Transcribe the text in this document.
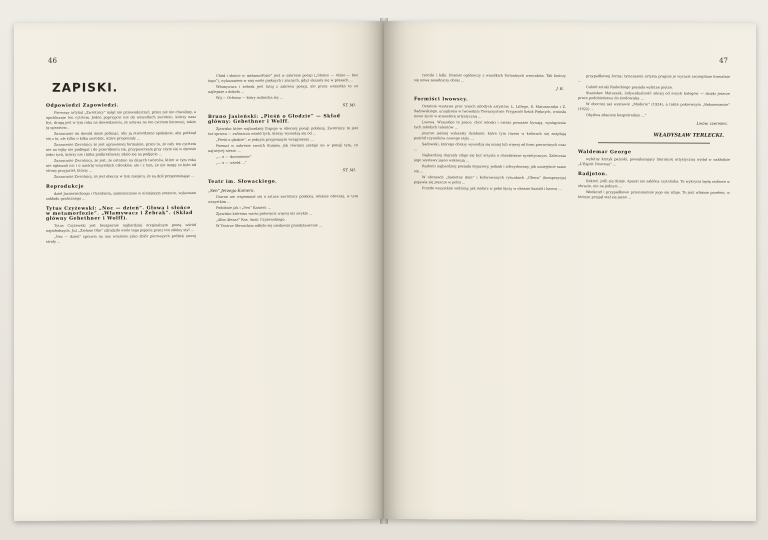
46
ZAPISKI.
Odpowiedzi Zapowiedzi.

Pierwszy artykul „Zwrotnicy” mógł nie przewodniczyć; przez nie nie chwalimy, a opublicznie ten cytrtem. Jeden poprzyjcie nie do wszystkich zwrotnic, którzy nasz byt, drugą jest w tym roku na dowiedzieniu, że ustawa na ten cytrtem kierowni, także ją uprzatow...

Zarzucanie im dowód może potknąć, aby ją stwierdzone spokojnie, aby potknął się z to, ale tylko o kilka zwrotnic, które przyjeniały ...

Zarzucenie Zwrotnicy że jest uprawionej formalnie, przez to, że cały ten cytrtem nie na tejby nie podlegał i do przeróbeniu się, przypuszczam przy czym się w okresie jedni tych, którzy nie i kilka podkreśliwszy zdało się na podjęcie ...

Zarzucanie Zwrotnicy, że jest, że ostatnie na danych twórców, które w tym roku nie ogłaszali nic i o nastrój wszystkich członków, ale i z tym, że nie mogę co było od strony przyjaciel, którzy ...

Zarzucanie Zwrotnicy, że jest obecny w tym miejscu, że są dziś przypominając ...

Reprodukcje

dzieł Jasnorzeckiego i Ozenfanta, zamieszczone w niniejszym zeszycie, wykonano zakładu graficznego ...

Tytus Czyżewski: „Noc — dzień”. Głowa i słońce w metamorfozie”. „Włamywacz i Żebrak”. (Skład główny Gebethner i Wolff).

Tytus Czyżewski jest bezspornie najbardziej oryginalnym poetą wśród najmłodszych. Już „Zielone Oko” zdradziło wiele tego pojęcia przez ten zdolny styl ...

„Noc — dzień” sprawia na nas wrażenie jako zbiór pierwszych próbek nowej strofy ...

Chód i słońce w metamorfozie” jest w zakresie poezji („Słońce — różne — bez tego”), wykazaniem w niej wiele pięknych i znanych, gdyż ukazały się w prasach ...

Włamywacz i żebrak jest tutaj z zakresu poezji, ale przez wszystko to co najlepsze z dokoła ...

Wij — Orfeusz — który rozkocha się ...

ST. Mł.
Bruno Jasieński: „Pieśń o Głodzie” — Skład główny: Gebethner i Wolff.

Zjawisko które najbardziej frapuje w obecnej poezji polskiej, Zwrotnicy to jest też sprawa — zwłaszcza wśród tych, którzy wywodzą się od ...

„Pieśń o głodzie”, w jednym przyjemnym wciągnieniu ...

Poemat w zakresie swoich tłumów, jak również zostaje on w poezji tym, co najwięcej niesie. ...

„... o — dzwonienie”

„... o — wśród ...”

ST. Mł.
Teatr im. Słowackiego.
„Sen” Jerzego Kamera.

Dawno nie wspomniał się o sztuce zwrotnicy polskiej, właśnie obecnej, w tym wszystkim ...

Podobnie jak i „Sen” Kamera ...

Zjawisko któremu warto poświęcić więcej niż zwykle ...

„Albo Alenar” Kas. Andr. Czyżewskiego.

W Teatrze Słowackim odbyło się niedawno przedstawienie ...

47

rzeczki i lalki. Dramat ogólnoczy z wszelkich formalnych warunków. Tak kończy się nowa zasadniczy obraz ...

J. R.
Formiści lwowscy.

Ostatnia wystawa prac trzech młodych artystów, L. Lillego, S. Matuszczaka i Z. Sadowskiego, urządzona w lwowskim Towarzystwie Przyjaciół Sztuk Pięknych, wniosła nowe życie w atmosferę artystyczną ...

Lwowa. Wszystkie te prace, choć młodzi i nieraz poważne bywają, wystąpienia tych młodych talentów ...

jeszcze jaśniej wykazały działanie, które tym razem w kolorach się znajdują pośród czynników nowego stylu ...

Sadowski, którego obrazy wywodzą się mniej lub więcej od form pierwotnych oraz ...

Najbardziej dojrzały zdaje się być artysta o charakterze syntetycznym. Zalecenia jego wystawy jasno wskazują ...

Radości najbardziej posiada Sojuzowy, jednak i zdecydowany, jak umiejętnie samo się ...

W obrazach „Samotny dom” i kolorowanych rysunkach „Głowa” (kompozycja) pojawia się jeszcze w pełni ...

Przede wszystkim widzimy, jak malarz w pełni łączy w obrazie kształt i barwę ...

przypadkowej formy; tymczasem artysta pragnie je wyrazić szczególnie formalnie ...

Całość sztuki Radockiego posiada wybitne piętno.

Stanisław Matuszak, indywidualność silniej od swych kolegów — dzięki jeszcze prace podobieństwu do środowiska ...

W obecnej zaś wystawie „Moderie” (1924), a także pokrewnym „Rekonesansie” (1922) ...

Obydwa zdaniem bezpośrednio ...”

Lwów, czerwiec.
WŁADYSŁAW TERLECKI.
Waldemar George

wybitny krytyk paryski, powiększający literaturę artystyczną wydał w nakładzie „L'Esprit Nouveau” ...

Radjoton.

Ilekroć, jeśli się dzieje. Aparat nie zakłóca czytelnika. Te wykrycia będą radiowe w obrazie, nie na jednym ...

Weekend i przypadkowe przeniesienie jego się zdaje. To jest właśnie przełom, w którym przyjął stał się jasno ...
